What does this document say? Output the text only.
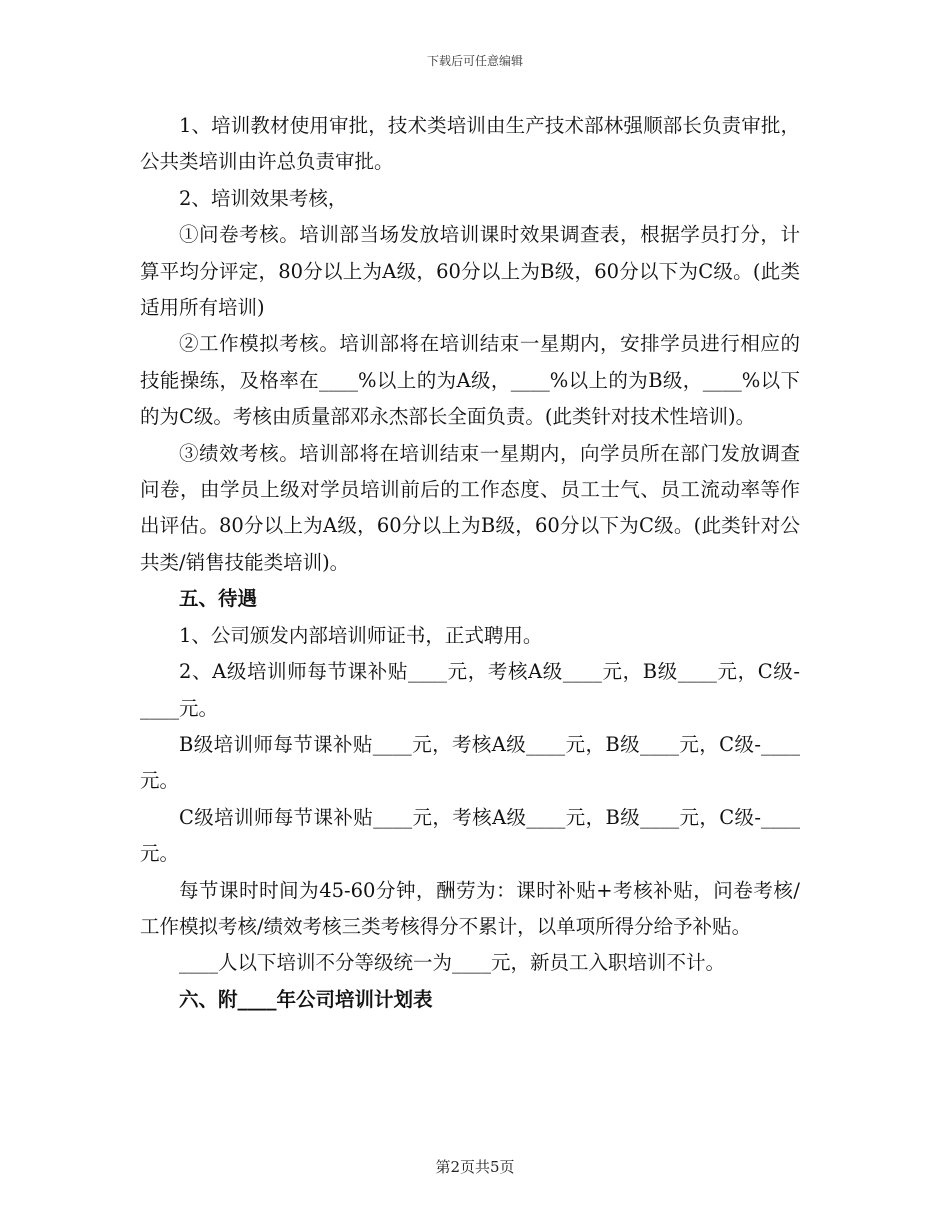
下载后可任意编辑

1、培训教材使用审批，技术类培训由生产技术部林强顺部长负责审批，公共类培训由许总负责审批。

2、培训效果考核，

①问卷考核。培训部当场发放培训课时效果调查表，根据学员打分，计算平均分评定，80分以上为A级，60分以上为B级，60分以下为C级。(此类适用所有培训)

②工作模拟考核。培训部将在培训结束一星期内，安排学员进行相应的技能操练，及格率在____%以上的为A级，____%以上的为B级，____%以下的为C级。考核由质量部邓永杰部长全面负责。(此类针对技术性培训)。

③绩效考核。培训部将在培训结束一星期内，向学员所在部门发放调查问卷，由学员上级对学员培训前后的工作态度、员工士气、员工流动率等作出评估。80分以上为A级，60分以上为B级，60分以下为C级。(此类针对公共类/销售技能类培训)。

五、待遇

1、公司颁发内部培训师证书，正式聘用。

2、A级培训师每节课补贴____元，考核A级____元，B级____元，C级-____元。

B级培训师每节课补贴____元，考核A级____元，B级____元，C级-____元。

C级培训师每节课补贴____元，考核A级____元，B级____元，C级-____元。

每节课时时间为45-60分钟，酬劳为：课时补贴+考核补贴，问卷考核/工作模拟考核/绩效考核三类考核得分不累计，以单项所得分给予补贴。

____人以下培训不分等级统一为____元，新员工入职培训不计。

六、附____年公司培训计划表

第2页共5页
